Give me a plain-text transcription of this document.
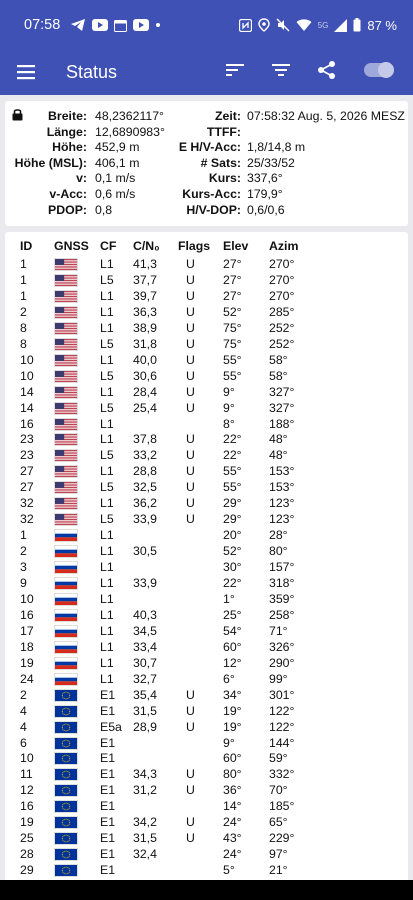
07:58	5G	87 %
Status
Breite: 48,2362117°	Zeit: 07:58:32 Aug. 5, 2026 MESZ
Länge: 12,6890983°	TTFF:
Höhe: 452,9 m	E H/V-Acc: 1,8/14,8 m
Höhe (MSL): 406,1 m	# Sats: 25/33/52
v: 0,1 m/s	Kurs: 337,6°
v-Acc: 0,6 m/s	Kurs-Acc: 179,9°
PDOP: 0,8	H/V-DOP: 0,6/0,6
ID GNSS CF C/N₀ Flags Elev Azim
1	L1 41,3 U 27° 270°
1	L5 37,7 U 27° 270°
1	L1 39,7 U 27° 270°
2	L1 36,3 U 52° 285°
8	L1 38,9 U 75° 252°
8	L5 31,8 U 75° 252°
10	L1 40,0 U 55° 58°
10	L5 30,6 U 55° 58°
14	L1 28,4 U 9°	327°
14	L5 25,4 U 9°	327°
16	L1	8°	188°
23	L1 37,8 U 22° 48°
23	L5 33,2 U 22° 48°
27	L1 28,8 U 55° 153°
27	L5 32,5 U 55° 153°
32	L1 36,2 U 29° 123°
32	L5 33,9 U 29° 123°
1	L1	20° 28°
2	L1 30,5	52° 80°
3	L1	30° 157°
9	L1 33,9	22° 318°
10	L1	1°	359°
16	L1 40,3	25° 258°
17	L1 34,5	54° 71°
18	L1 33,4	60° 326°
19	L1 30,7	12° 290°
24	L1 32,7	6°	99°
2	E1 35,4 U 34° 301°
4	E1 31,5 U 19° 122°
4	E5a 28,9 U 19° 122°
6	E1	9°	144°
10	E1	60° 59°
11	E1 34,3 U 80° 332°
12	E1 31,2 U 36° 70°
16	E1	14° 185°
19	E1 34,2 U 24° 65°
25	E1 31,5 U 43° 229°
28	E1 32,4	24° 97°
29	E1	5°	21°
